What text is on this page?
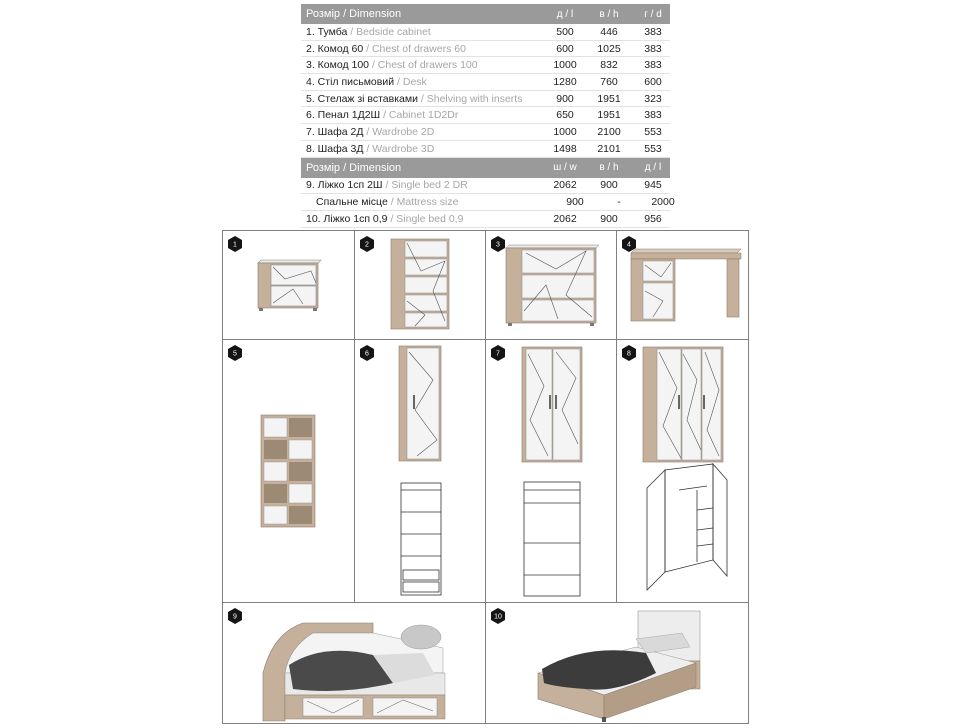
Розмір / Dimension	д / l	в / h	г / d
1. Тумба / Bedside cabinet	500	446	383
2. Комод 60 / Chest of drawers 60	600	1025	383
3. Комод 100 / Chest of drawers 100	1000	832	383
4. Стіл письмовий / Desk	1280	760	600
5. Стелаж зі вставками / Shelving with inserts	900	1951	323
6. Пенал 1Д2Ш / Cabinet 1D2Dr	650	1951	383
7. Шафа 2Д / Wardrobe 2D	1000	2100	553
8. Шафа 3Д / Wardrobe 3D	1498	2101	553
Розмір / Dimension	ш / w	в / h	д / l
9. Ліжко 1сп 2Ш / Single bed 2 DR	2062	900	945
Спальне місце / Mattress size	900	-	2000
10. Ліжко 1сп 0,9 / Single bed 0,9	2062	900	956
1	2	3	4
5	6	7	8
9	10
